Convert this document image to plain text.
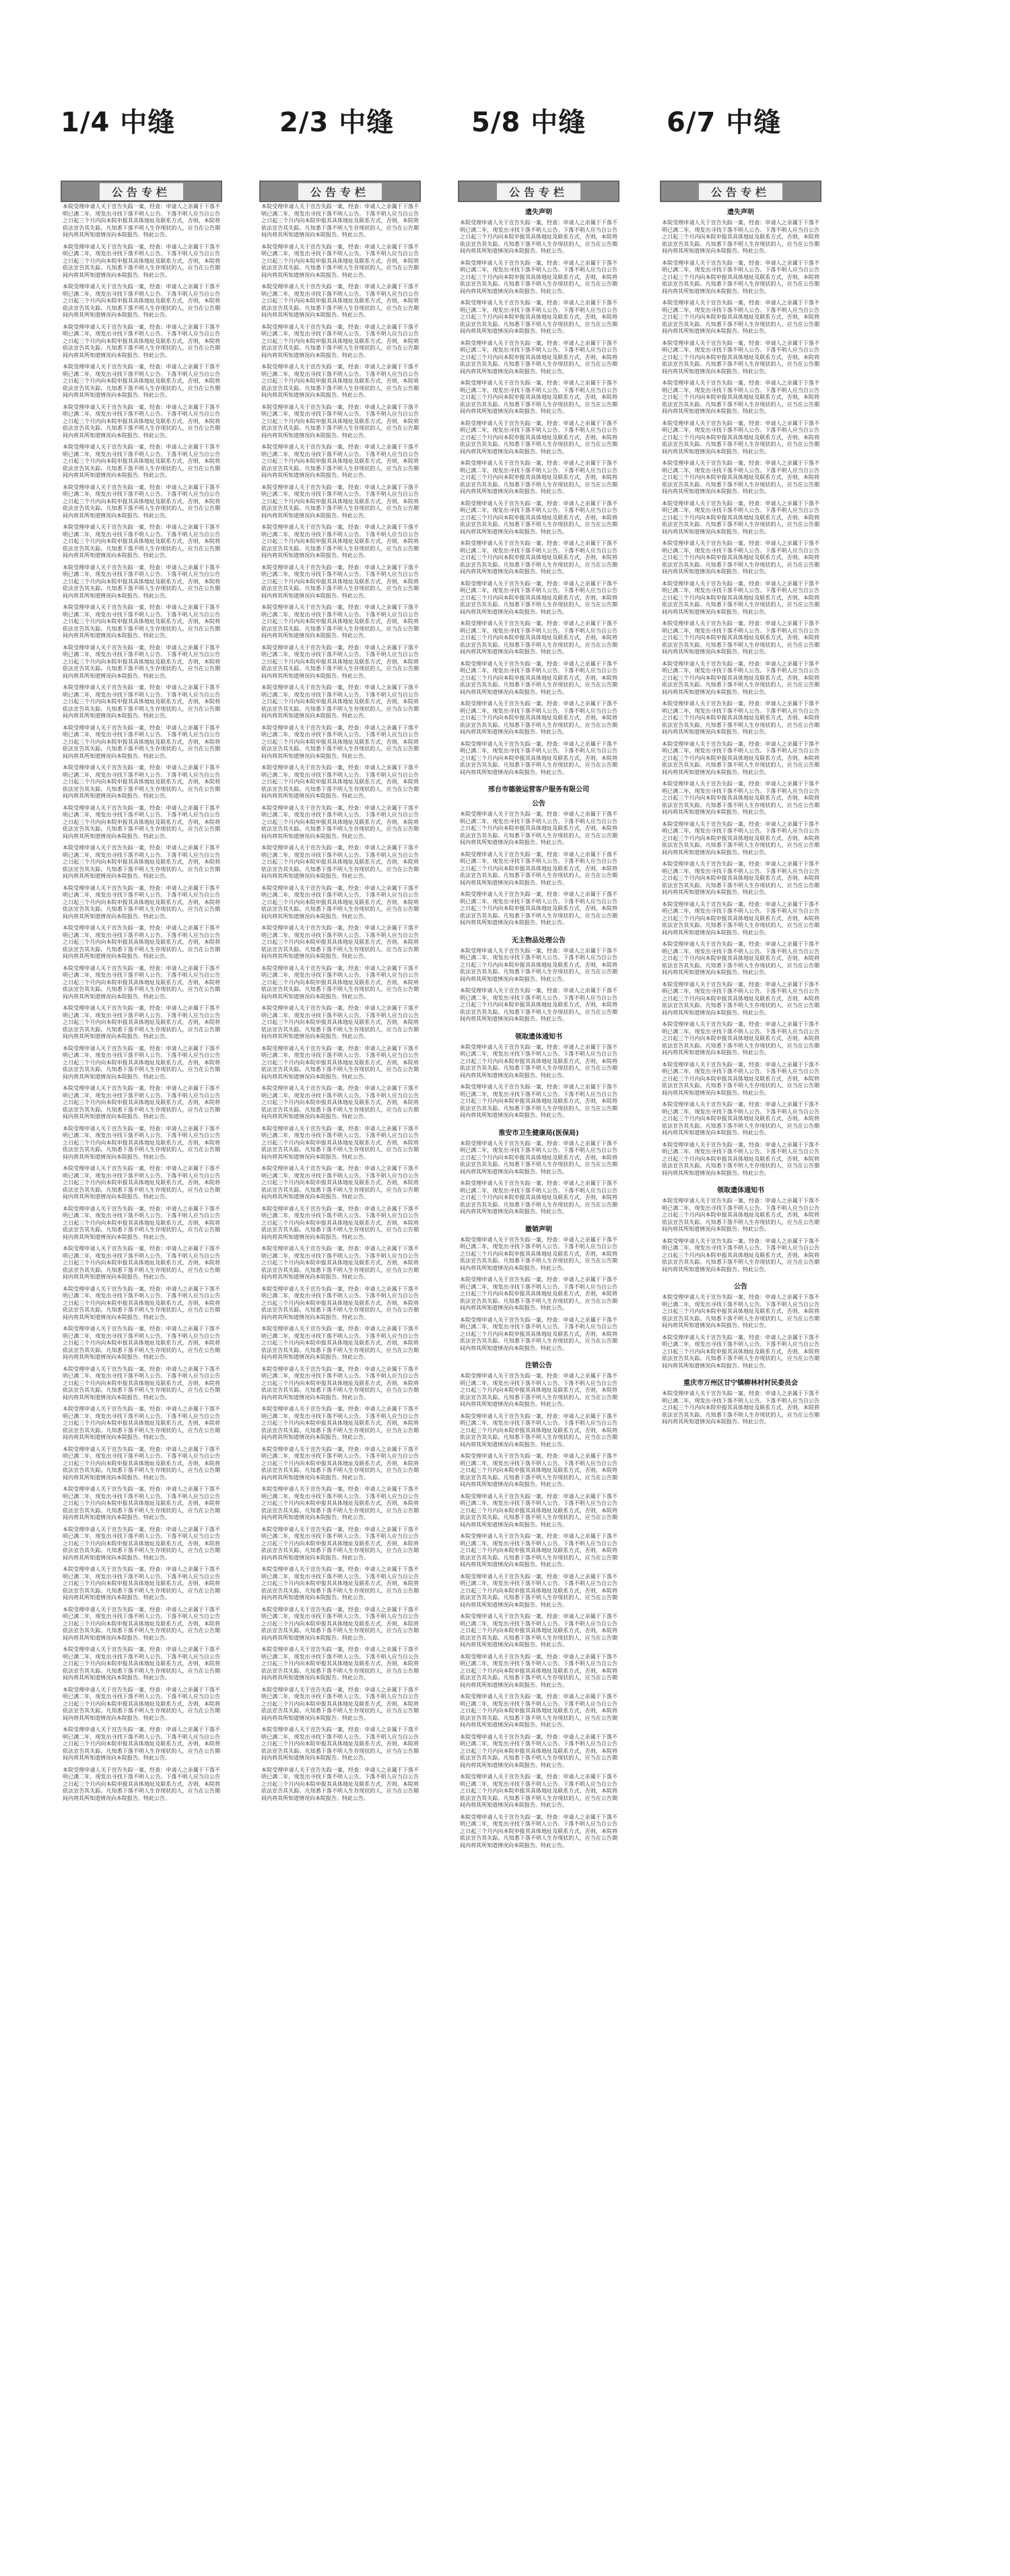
1/4 中缝	2/3 中缝	5/8 中缝	6/7 中缝
公告专栏
本院受理申请人关于宣告失踪一案，经查：申请人之亲属于下落不明已满二年，现发出寻找下落不明人公告。下落不明人应当自公告之日起三个月内向本院申报其具体地址及联系方式，否则，本院将依法宣告其失踪。凡知悉下落不明人生存现状的人，应当在公告期间内将其所知道情况向本院报告。特此公告。
本院受理申请人关于宣告失踪一案，经查：申请人之亲属于下落不明已满二年，现发出寻找下落不明人公告。下落不明人应当自公告之日起三个月内向本院申报其具体地址及联系方式，否则，本院将依法宣告其失踪。凡知悉下落不明人生存现状的人，应当在公告期间内将其所知道情况向本院报告。特此公告。
本院受理申请人关于宣告失踪一案，经查：申请人之亲属于下落不明已满二年，现发出寻找下落不明人公告。下落不明人应当自公告之日起三个月内向本院申报其具体地址及联系方式，否则，本院将依法宣告其失踪。凡知悉下落不明人生存现状的人，应当在公告期间内将其所知道情况向本院报告。特此公告。
本院受理申请人关于宣告失踪一案，经查：申请人之亲属于下落不明已满二年，现发出寻找下落不明人公告。下落不明人应当自公告之日起三个月内向本院申报其具体地址及联系方式，否则，本院将依法宣告其失踪。凡知悉下落不明人生存现状的人，应当在公告期间内将其所知道情况向本院报告。特此公告。
本院受理申请人关于宣告失踪一案，经查：申请人之亲属于下落不明已满二年，现发出寻找下落不明人公告。下落不明人应当自公告之日起三个月内向本院申报其具体地址及联系方式，否则，本院将依法宣告其失踪。凡知悉下落不明人生存现状的人，应当在公告期间内将其所知道情况向本院报告。特此公告。
本院受理申请人关于宣告失踪一案，经查：申请人之亲属于下落不明已满二年，现发出寻找下落不明人公告。下落不明人应当自公告之日起三个月内向本院申报其具体地址及联系方式，否则，本院将依法宣告其失踪。凡知悉下落不明人生存现状的人，应当在公告期间内将其所知道情况向本院报告。特此公告。
本院受理申请人关于宣告失踪一案，经查：申请人之亲属于下落不明已满二年，现发出寻找下落不明人公告。下落不明人应当自公告之日起三个月内向本院申报其具体地址及联系方式，否则，本院将依法宣告其失踪。凡知悉下落不明人生存现状的人，应当在公告期间内将其所知道情况向本院报告。特此公告。
本院受理申请人关于宣告失踪一案，经查：申请人之亲属于下落不明已满二年，现发出寻找下落不明人公告。下落不明人应当自公告之日起三个月内向本院申报其具体地址及联系方式，否则，本院将依法宣告其失踪。凡知悉下落不明人生存现状的人，应当在公告期间内将其所知道情况向本院报告。特此公告。
本院受理申请人关于宣告失踪一案，经查：申请人之亲属于下落不明已满二年，现发出寻找下落不明人公告。下落不明人应当自公告之日起三个月内向本院申报其具体地址及联系方式，否则，本院将依法宣告其失踪。凡知悉下落不明人生存现状的人，应当在公告期间内将其所知道情况向本院报告。特此公告。
本院受理申请人关于宣告失踪一案，经查：申请人之亲属于下落不明已满二年，现发出寻找下落不明人公告。下落不明人应当自公告之日起三个月内向本院申报其具体地址及联系方式，否则，本院将依法宣告其失踪。凡知悉下落不明人生存现状的人，应当在公告期间内将其所知道情况向本院报告。特此公告。
本院受理申请人关于宣告失踪一案，经查：申请人之亲属于下落不明已满二年，现发出寻找下落不明人公告。下落不明人应当自公告之日起三个月内向本院申报其具体地址及联系方式，否则，本院将依法宣告其失踪。凡知悉下落不明人生存现状的人，应当在公告期间内将其所知道情况向本院报告。特此公告。
本院受理申请人关于宣告失踪一案，经查：申请人之亲属于下落不明已满二年，现发出寻找下落不明人公告。下落不明人应当自公告之日起三个月内向本院申报其具体地址及联系方式，否则，本院将依法宣告其失踪。凡知悉下落不明人生存现状的人，应当在公告期间内将其所知道情况向本院报告。特此公告。
本院受理申请人关于宣告失踪一案，经查：申请人之亲属于下落不明已满二年，现发出寻找下落不明人公告。下落不明人应当自公告之日起三个月内向本院申报其具体地址及联系方式，否则，本院将依法宣告其失踪。凡知悉下落不明人生存现状的人，应当在公告期间内将其所知道情况向本院报告。特此公告。
本院受理申请人关于宣告失踪一案，经查：申请人之亲属于下落不明已满二年，现发出寻找下落不明人公告。下落不明人应当自公告之日起三个月内向本院申报其具体地址及联系方式，否则，本院将依法宣告其失踪。凡知悉下落不明人生存现状的人，应当在公告期间内将其所知道情况向本院报告。特此公告。
本院受理申请人关于宣告失踪一案，经查：申请人之亲属于下落不明已满二年，现发出寻找下落不明人公告。下落不明人应当自公告之日起三个月内向本院申报其具体地址及联系方式，否则，本院将依法宣告其失踪。凡知悉下落不明人生存现状的人，应当在公告期间内将其所知道情况向本院报告。特此公告。
本院受理申请人关于宣告失踪一案，经查：申请人之亲属于下落不明已满二年，现发出寻找下落不明人公告。下落不明人应当自公告之日起三个月内向本院申报其具体地址及联系方式，否则，本院将依法宣告其失踪。凡知悉下落不明人生存现状的人，应当在公告期间内将其所知道情况向本院报告。特此公告。
本院受理申请人关于宣告失踪一案，经查：申请人之亲属于下落不明已满二年，现发出寻找下落不明人公告。下落不明人应当自公告之日起三个月内向本院申报其具体地址及联系方式，否则，本院将依法宣告其失踪。凡知悉下落不明人生存现状的人，应当在公告期间内将其所知道情况向本院报告。特此公告。
本院受理申请人关于宣告失踪一案，经查：申请人之亲属于下落不明已满二年，现发出寻找下落不明人公告。下落不明人应当自公告之日起三个月内向本院申报其具体地址及联系方式，否则，本院将依法宣告其失踪。凡知悉下落不明人生存现状的人，应当在公告期间内将其所知道情况向本院报告。特此公告。
本院受理申请人关于宣告失踪一案，经查：申请人之亲属于下落不明已满二年，现发出寻找下落不明人公告。下落不明人应当自公告之日起三个月内向本院申报其具体地址及联系方式，否则，本院将依法宣告其失踪。凡知悉下落不明人生存现状的人，应当在公告期间内将其所知道情况向本院报告。特此公告。
本院受理申请人关于宣告失踪一案，经查：申请人之亲属于下落不明已满二年，现发出寻找下落不明人公告。下落不明人应当自公告之日起三个月内向本院申报其具体地址及联系方式，否则，本院将依法宣告其失踪。凡知悉下落不明人生存现状的人，应当在公告期间内将其所知道情况向本院报告。特此公告。
本院受理申请人关于宣告失踪一案，经查：申请人之亲属于下落不明已满二年，现发出寻找下落不明人公告。下落不明人应当自公告之日起三个月内向本院申报其具体地址及联系方式，否则，本院将依法宣告其失踪。凡知悉下落不明人生存现状的人，应当在公告期间内将其所知道情况向本院报告。特此公告。
本院受理申请人关于宣告失踪一案，经查：申请人之亲属于下落不明已满二年，现发出寻找下落不明人公告。下落不明人应当自公告之日起三个月内向本院申报其具体地址及联系方式，否则，本院将依法宣告其失踪。凡知悉下落不明人生存现状的人，应当在公告期间内将其所知道情况向本院报告。特此公告。
本院受理申请人关于宣告失踪一案，经查：申请人之亲属于下落不明已满二年，现发出寻找下落不明人公告。下落不明人应当自公告之日起三个月内向本院申报其具体地址及联系方式，否则，本院将依法宣告其失踪。凡知悉下落不明人生存现状的人，应当在公告期间内将其所知道情况向本院报告。特此公告。
本院受理申请人关于宣告失踪一案，经查：申请人之亲属于下落不明已满二年，现发出寻找下落不明人公告。下落不明人应当自公告之日起三个月内向本院申报其具体地址及联系方式，否则，本院将依法宣告其失踪。凡知悉下落不明人生存现状的人，应当在公告期间内将其所知道情况向本院报告。特此公告。
本院受理申请人关于宣告失踪一案，经查：申请人之亲属于下落不明已满二年，现发出寻找下落不明人公告。下落不明人应当自公告之日起三个月内向本院申报其具体地址及联系方式，否则，本院将依法宣告其失踪。凡知悉下落不明人生存现状的人，应当在公告期间内将其所知道情况向本院报告。特此公告。
本院受理申请人关于宣告失踪一案，经查：申请人之亲属于下落不明已满二年，现发出寻找下落不明人公告。下落不明人应当自公告之日起三个月内向本院申报其具体地址及联系方式，否则，本院将依法宣告其失踪。凡知悉下落不明人生存现状的人，应当在公告期间内将其所知道情况向本院报告。特此公告。
本院受理申请人关于宣告失踪一案，经查：申请人之亲属于下落不明已满二年，现发出寻找下落不明人公告。下落不明人应当自公告之日起三个月内向本院申报其具体地址及联系方式，否则，本院将依法宣告其失踪。凡知悉下落不明人生存现状的人，应当在公告期间内将其所知道情况向本院报告。特此公告。
本院受理申请人关于宣告失踪一案，经查：申请人之亲属于下落不明已满二年，现发出寻找下落不明人公告。下落不明人应当自公告之日起三个月内向本院申报其具体地址及联系方式，否则，本院将依法宣告其失踪。凡知悉下落不明人生存现状的人，应当在公告期间内将其所知道情况向本院报告。特此公告。
本院受理申请人关于宣告失踪一案，经查：申请人之亲属于下落不明已满二年，现发出寻找下落不明人公告。下落不明人应当自公告之日起三个月内向本院申报其具体地址及联系方式，否则，本院将依法宣告其失踪。凡知悉下落不明人生存现状的人，应当在公告期间内将其所知道情况向本院报告。特此公告。
本院受理申请人关于宣告失踪一案，经查：申请人之亲属于下落不明已满二年，现发出寻找下落不明人公告。下落不明人应当自公告之日起三个月内向本院申报其具体地址及联系方式，否则，本院将依法宣告其失踪。凡知悉下落不明人生存现状的人，应当在公告期间内将其所知道情况向本院报告。特此公告。
本院受理申请人关于宣告失踪一案，经查：申请人之亲属于下落不明已满二年，现发出寻找下落不明人公告。下落不明人应当自公告之日起三个月内向本院申报其具体地址及联系方式，否则，本院将依法宣告其失踪。凡知悉下落不明人生存现状的人，应当在公告期间内将其所知道情况向本院报告。特此公告。
本院受理申请人关于宣告失踪一案，经查：申请人之亲属于下落不明已满二年，现发出寻找下落不明人公告。下落不明人应当自公告之日起三个月内向本院申报其具体地址及联系方式，否则，本院将依法宣告其失踪。凡知悉下落不明人生存现状的人，应当在公告期间内将其所知道情况向本院报告。特此公告。
本院受理申请人关于宣告失踪一案，经查：申请人之亲属于下落不明已满二年，现发出寻找下落不明人公告。下落不明人应当自公告之日起三个月内向本院申报其具体地址及联系方式，否则，本院将依法宣告其失踪。凡知悉下落不明人生存现状的人，应当在公告期间内将其所知道情况向本院报告。特此公告。
本院受理申请人关于宣告失踪一案，经查：申请人之亲属于下落不明已满二年，现发出寻找下落不明人公告。下落不明人应当自公告之日起三个月内向本院申报其具体地址及联系方式，否则，本院将依法宣告其失踪。凡知悉下落不明人生存现状的人，应当在公告期间内将其所知道情况向本院报告。特此公告。
本院受理申请人关于宣告失踪一案，经查：申请人之亲属于下落不明已满二年，现发出寻找下落不明人公告。下落不明人应当自公告之日起三个月内向本院申报其具体地址及联系方式，否则，本院将依法宣告其失踪。凡知悉下落不明人生存现状的人，应当在公告期间内将其所知道情况向本院报告。特此公告。
本院受理申请人关于宣告失踪一案，经查：申请人之亲属于下落不明已满二年，现发出寻找下落不明人公告。下落不明人应当自公告之日起三个月内向本院申报其具体地址及联系方式，否则，本院将依法宣告其失踪。凡知悉下落不明人生存现状的人，应当在公告期间内将其所知道情况向本院报告。特此公告。
本院受理申请人关于宣告失踪一案，经查：申请人之亲属于下落不明已满二年，现发出寻找下落不明人公告。下落不明人应当自公告之日起三个月内向本院申报其具体地址及联系方式，否则，本院将依法宣告其失踪。凡知悉下落不明人生存现状的人，应当在公告期间内将其所知道情况向本院报告。特此公告。
本院受理申请人关于宣告失踪一案，经查：申请人之亲属于下落不明已满二年，现发出寻找下落不明人公告。下落不明人应当自公告之日起三个月内向本院申报其具体地址及联系方式，否则，本院将依法宣告其失踪。凡知悉下落不明人生存现状的人，应当在公告期间内将其所知道情况向本院报告。特此公告。
本院受理申请人关于宣告失踪一案，经查：申请人之亲属于下落不明已满二年，现发出寻找下落不明人公告。下落不明人应当自公告之日起三个月内向本院申报其具体地址及联系方式，否则，本院将依法宣告其失踪。凡知悉下落不明人生存现状的人，应当在公告期间内将其所知道情况向本院报告。特此公告。
本院受理申请人关于宣告失踪一案，经查：申请人之亲属于下落不明已满二年，现发出寻找下落不明人公告。下落不明人应当自公告之日起三个月内向本院申报其具体地址及联系方式，否则，本院将依法宣告其失踪。凡知悉下落不明人生存现状的人，应当在公告期间内将其所知道情况向本院报告。特此公告。
公告专栏
本院受理申请人关于宣告失踪一案，经查：申请人之亲属于下落不明已满二年，现发出寻找下落不明人公告。下落不明人应当自公告之日起三个月内向本院申报其具体地址及联系方式，否则，本院将依法宣告其失踪。凡知悉下落不明人生存现状的人，应当在公告期间内将其所知道情况向本院报告。特此公告。
本院受理申请人关于宣告失踪一案，经查：申请人之亲属于下落不明已满二年，现发出寻找下落不明人公告。下落不明人应当自公告之日起三个月内向本院申报其具体地址及联系方式，否则，本院将依法宣告其失踪。凡知悉下落不明人生存现状的人，应当在公告期间内将其所知道情况向本院报告。特此公告。
本院受理申请人关于宣告失踪一案，经查：申请人之亲属于下落不明已满二年，现发出寻找下落不明人公告。下落不明人应当自公告之日起三个月内向本院申报其具体地址及联系方式，否则，本院将依法宣告其失踪。凡知悉下落不明人生存现状的人，应当在公告期间内将其所知道情况向本院报告。特此公告。
本院受理申请人关于宣告失踪一案，经查：申请人之亲属于下落不明已满二年，现发出寻找下落不明人公告。下落不明人应当自公告之日起三个月内向本院申报其具体地址及联系方式，否则，本院将依法宣告其失踪。凡知悉下落不明人生存现状的人，应当在公告期间内将其所知道情况向本院报告。特此公告。
本院受理申请人关于宣告失踪一案，经查：申请人之亲属于下落不明已满二年，现发出寻找下落不明人公告。下落不明人应当自公告之日起三个月内向本院申报其具体地址及联系方式，否则，本院将依法宣告其失踪。凡知悉下落不明人生存现状的人，应当在公告期间内将其所知道情况向本院报告。特此公告。
本院受理申请人关于宣告失踪一案，经查：申请人之亲属于下落不明已满二年，现发出寻找下落不明人公告。下落不明人应当自公告之日起三个月内向本院申报其具体地址及联系方式，否则，本院将依法宣告其失踪。凡知悉下落不明人生存现状的人，应当在公告期间内将其所知道情况向本院报告。特此公告。
本院受理申请人关于宣告失踪一案，经查：申请人之亲属于下落不明已满二年，现发出寻找下落不明人公告。下落不明人应当自公告之日起三个月内向本院申报其具体地址及联系方式，否则，本院将依法宣告其失踪。凡知悉下落不明人生存现状的人，应当在公告期间内将其所知道情况向本院报告。特此公告。
本院受理申请人关于宣告失踪一案，经查：申请人之亲属于下落不明已满二年，现发出寻找下落不明人公告。下落不明人应当自公告之日起三个月内向本院申报其具体地址及联系方式，否则，本院将依法宣告其失踪。凡知悉下落不明人生存现状的人，应当在公告期间内将其所知道情况向本院报告。特此公告。
本院受理申请人关于宣告失踪一案，经查：申请人之亲属于下落不明已满二年，现发出寻找下落不明人公告。下落不明人应当自公告之日起三个月内向本院申报其具体地址及联系方式，否则，本院将依法宣告其失踪。凡知悉下落不明人生存现状的人，应当在公告期间内将其所知道情况向本院报告。特此公告。
本院受理申请人关于宣告失踪一案，经查：申请人之亲属于下落不明已满二年，现发出寻找下落不明人公告。下落不明人应当自公告之日起三个月内向本院申报其具体地址及联系方式，否则，本院将依法宣告其失踪。凡知悉下落不明人生存现状的人，应当在公告期间内将其所知道情况向本院报告。特此公告。
本院受理申请人关于宣告失踪一案，经查：申请人之亲属于下落不明已满二年，现发出寻找下落不明人公告。下落不明人应当自公告之日起三个月内向本院申报其具体地址及联系方式，否则，本院将依法宣告其失踪。凡知悉下落不明人生存现状的人，应当在公告期间内将其所知道情况向本院报告。特此公告。
本院受理申请人关于宣告失踪一案，经查：申请人之亲属于下落不明已满二年，现发出寻找下落不明人公告。下落不明人应当自公告之日起三个月内向本院申报其具体地址及联系方式，否则，本院将依法宣告其失踪。凡知悉下落不明人生存现状的人，应当在公告期间内将其所知道情况向本院报告。特此公告。
本院受理申请人关于宣告失踪一案，经查：申请人之亲属于下落不明已满二年，现发出寻找下落不明人公告。下落不明人应当自公告之日起三个月内向本院申报其具体地址及联系方式，否则，本院将依法宣告其失踪。凡知悉下落不明人生存现状的人，应当在公告期间内将其所知道情况向本院报告。特此公告。
本院受理申请人关于宣告失踪一案，经查：申请人之亲属于下落不明已满二年，现发出寻找下落不明人公告。下落不明人应当自公告之日起三个月内向本院申报其具体地址及联系方式，否则，本院将依法宣告其失踪。凡知悉下落不明人生存现状的人，应当在公告期间内将其所知道情况向本院报告。特此公告。
本院受理申请人关于宣告失踪一案，经查：申请人之亲属于下落不明已满二年，现发出寻找下落不明人公告。下落不明人应当自公告之日起三个月内向本院申报其具体地址及联系方式，否则，本院将依法宣告其失踪。凡知悉下落不明人生存现状的人，应当在公告期间内将其所知道情况向本院报告。特此公告。
本院受理申请人关于宣告失踪一案，经查：申请人之亲属于下落不明已满二年，现发出寻找下落不明人公告。下落不明人应当自公告之日起三个月内向本院申报其具体地址及联系方式，否则，本院将依法宣告其失踪。凡知悉下落不明人生存现状的人，应当在公告期间内将其所知道情况向本院报告。特此公告。
本院受理申请人关于宣告失踪一案，经查：申请人之亲属于下落不明已满二年，现发出寻找下落不明人公告。下落不明人应当自公告之日起三个月内向本院申报其具体地址及联系方式，否则，本院将依法宣告其失踪。凡知悉下落不明人生存现状的人，应当在公告期间内将其所知道情况向本院报告。特此公告。
本院受理申请人关于宣告失踪一案，经查：申请人之亲属于下落不明已满二年，现发出寻找下落不明人公告。下落不明人应当自公告之日起三个月内向本院申报其具体地址及联系方式，否则，本院将依法宣告其失踪。凡知悉下落不明人生存现状的人，应当在公告期间内将其所知道情况向本院报告。特此公告。
本院受理申请人关于宣告失踪一案，经查：申请人之亲属于下落不明已满二年，现发出寻找下落不明人公告。下落不明人应当自公告之日起三个月内向本院申报其具体地址及联系方式，否则，本院将依法宣告其失踪。凡知悉下落不明人生存现状的人，应当在公告期间内将其所知道情况向本院报告。特此公告。
本院受理申请人关于宣告失踪一案，经查：申请人之亲属于下落不明已满二年，现发出寻找下落不明人公告。下落不明人应当自公告之日起三个月内向本院申报其具体地址及联系方式，否则，本院将依法宣告其失踪。凡知悉下落不明人生存现状的人，应当在公告期间内将其所知道情况向本院报告。特此公告。
本院受理申请人关于宣告失踪一案，经查：申请人之亲属于下落不明已满二年，现发出寻找下落不明人公告。下落不明人应当自公告之日起三个月内向本院申报其具体地址及联系方式，否则，本院将依法宣告其失踪。凡知悉下落不明人生存现状的人，应当在公告期间内将其所知道情况向本院报告。特此公告。
本院受理申请人关于宣告失踪一案，经查：申请人之亲属于下落不明已满二年，现发出寻找下落不明人公告。下落不明人应当自公告之日起三个月内向本院申报其具体地址及联系方式，否则，本院将依法宣告其失踪。凡知悉下落不明人生存现状的人，应当在公告期间内将其所知道情况向本院报告。特此公告。
本院受理申请人关于宣告失踪一案，经查：申请人之亲属于下落不明已满二年，现发出寻找下落不明人公告。下落不明人应当自公告之日起三个月内向本院申报其具体地址及联系方式，否则，本院将依法宣告其失踪。凡知悉下落不明人生存现状的人，应当在公告期间内将其所知道情况向本院报告。特此公告。
本院受理申请人关于宣告失踪一案，经查：申请人之亲属于下落不明已满二年，现发出寻找下落不明人公告。下落不明人应当自公告之日起三个月内向本院申报其具体地址及联系方式，否则，本院将依法宣告其失踪。凡知悉下落不明人生存现状的人，应当在公告期间内将其所知道情况向本院报告。特此公告。
本院受理申请人关于宣告失踪一案，经查：申请人之亲属于下落不明已满二年，现发出寻找下落不明人公告。下落不明人应当自公告之日起三个月内向本院申报其具体地址及联系方式，否则，本院将依法宣告其失踪。凡知悉下落不明人生存现状的人，应当在公告期间内将其所知道情况向本院报告。特此公告。
本院受理申请人关于宣告失踪一案，经查：申请人之亲属于下落不明已满二年，现发出寻找下落不明人公告。下落不明人应当自公告之日起三个月内向本院申报其具体地址及联系方式，否则，本院将依法宣告其失踪。凡知悉下落不明人生存现状的人，应当在公告期间内将其所知道情况向本院报告。特此公告。
本院受理申请人关于宣告失踪一案，经查：申请人之亲属于下落不明已满二年，现发出寻找下落不明人公告。下落不明人应当自公告之日起三个月内向本院申报其具体地址及联系方式，否则，本院将依法宣告其失踪。凡知悉下落不明人生存现状的人，应当在公告期间内将其所知道情况向本院报告。特此公告。
本院受理申请人关于宣告失踪一案，经查：申请人之亲属于下落不明已满二年，现发出寻找下落不明人公告。下落不明人应当自公告之日起三个月内向本院申报其具体地址及联系方式，否则，本院将依法宣告其失踪。凡知悉下落不明人生存现状的人，应当在公告期间内将其所知道情况向本院报告。特此公告。
本院受理申请人关于宣告失踪一案，经查：申请人之亲属于下落不明已满二年，现发出寻找下落不明人公告。下落不明人应当自公告之日起三个月内向本院申报其具体地址及联系方式，否则，本院将依法宣告其失踪。凡知悉下落不明人生存现状的人，应当在公告期间内将其所知道情况向本院报告。特此公告。
本院受理申请人关于宣告失踪一案，经查：申请人之亲属于下落不明已满二年，现发出寻找下落不明人公告。下落不明人应当自公告之日起三个月内向本院申报其具体地址及联系方式，否则，本院将依法宣告其失踪。凡知悉下落不明人生存现状的人，应当在公告期间内将其所知道情况向本院报告。特此公告。
本院受理申请人关于宣告失踪一案，经查：申请人之亲属于下落不明已满二年，现发出寻找下落不明人公告。下落不明人应当自公告之日起三个月内向本院申报其具体地址及联系方式，否则，本院将依法宣告其失踪。凡知悉下落不明人生存现状的人，应当在公告期间内将其所知道情况向本院报告。特此公告。
本院受理申请人关于宣告失踪一案，经查：申请人之亲属于下落不明已满二年，现发出寻找下落不明人公告。下落不明人应当自公告之日起三个月内向本院申报其具体地址及联系方式，否则，本院将依法宣告其失踪。凡知悉下落不明人生存现状的人，应当在公告期间内将其所知道情况向本院报告。特此公告。
本院受理申请人关于宣告失踪一案，经查：申请人之亲属于下落不明已满二年，现发出寻找下落不明人公告。下落不明人应当自公告之日起三个月内向本院申报其具体地址及联系方式，否则，本院将依法宣告其失踪。凡知悉下落不明人生存现状的人，应当在公告期间内将其所知道情况向本院报告。特此公告。
本院受理申请人关于宣告失踪一案，经查：申请人之亲属于下落不明已满二年，现发出寻找下落不明人公告。下落不明人应当自公告之日起三个月内向本院申报其具体地址及联系方式，否则，本院将依法宣告其失踪。凡知悉下落不明人生存现状的人，应当在公告期间内将其所知道情况向本院报告。特此公告。
本院受理申请人关于宣告失踪一案，经查：申请人之亲属于下落不明已满二年，现发出寻找下落不明人公告。下落不明人应当自公告之日起三个月内向本院申报其具体地址及联系方式，否则，本院将依法宣告其失踪。凡知悉下落不明人生存现状的人，应当在公告期间内将其所知道情况向本院报告。特此公告。
本院受理申请人关于宣告失踪一案，经查：申请人之亲属于下落不明已满二年，现发出寻找下落不明人公告。下落不明人应当自公告之日起三个月内向本院申报其具体地址及联系方式，否则，本院将依法宣告其失踪。凡知悉下落不明人生存现状的人，应当在公告期间内将其所知道情况向本院报告。特此公告。
本院受理申请人关于宣告失踪一案，经查：申请人之亲属于下落不明已满二年，现发出寻找下落不明人公告。下落不明人应当自公告之日起三个月内向本院申报其具体地址及联系方式，否则，本院将依法宣告其失踪。凡知悉下落不明人生存现状的人，应当在公告期间内将其所知道情况向本院报告。特此公告。
本院受理申请人关于宣告失踪一案，经查：申请人之亲属于下落不明已满二年，现发出寻找下落不明人公告。下落不明人应当自公告之日起三个月内向本院申报其具体地址及联系方式，否则，本院将依法宣告其失踪。凡知悉下落不明人生存现状的人，应当在公告期间内将其所知道情况向本院报告。特此公告。
本院受理申请人关于宣告失踪一案，经查：申请人之亲属于下落不明已满二年，现发出寻找下落不明人公告。下落不明人应当自公告之日起三个月内向本院申报其具体地址及联系方式，否则，本院将依法宣告其失踪。凡知悉下落不明人生存现状的人，应当在公告期间内将其所知道情况向本院报告。特此公告。
本院受理申请人关于宣告失踪一案，经查：申请人之亲属于下落不明已满二年，现发出寻找下落不明人公告。下落不明人应当自公告之日起三个月内向本院申报其具体地址及联系方式，否则，本院将依法宣告其失踪。凡知悉下落不明人生存现状的人，应当在公告期间内将其所知道情况向本院报告。特此公告。
公告专栏
遗失声明
本院受理申请人关于宣告失踪一案，经查：申请人之亲属于下落不明已满二年，现发出寻找下落不明人公告。下落不明人应当自公告之日起三个月内向本院申报其具体地址及联系方式，否则，本院将依法宣告其失踪。凡知悉下落不明人生存现状的人，应当在公告期间内将其所知道情况向本院报告。特此公告。
本院受理申请人关于宣告失踪一案，经查：申请人之亲属于下落不明已满二年，现发出寻找下落不明人公告。下落不明人应当自公告之日起三个月内向本院申报其具体地址及联系方式，否则，本院将依法宣告其失踪。凡知悉下落不明人生存现状的人，应当在公告期间内将其所知道情况向本院报告。特此公告。
本院受理申请人关于宣告失踪一案，经查：申请人之亲属于下落不明已满二年，现发出寻找下落不明人公告。下落不明人应当自公告之日起三个月内向本院申报其具体地址及联系方式，否则，本院将依法宣告其失踪。凡知悉下落不明人生存现状的人，应当在公告期间内将其所知道情况向本院报告。特此公告。
本院受理申请人关于宣告失踪一案，经查：申请人之亲属于下落不明已满二年，现发出寻找下落不明人公告。下落不明人应当自公告之日起三个月内向本院申报其具体地址及联系方式，否则，本院将依法宣告其失踪。凡知悉下落不明人生存现状的人，应当在公告期间内将其所知道情况向本院报告。特此公告。
本院受理申请人关于宣告失踪一案，经查：申请人之亲属于下落不明已满二年，现发出寻找下落不明人公告。下落不明人应当自公告之日起三个月内向本院申报其具体地址及联系方式，否则，本院将依法宣告其失踪。凡知悉下落不明人生存现状的人，应当在公告期间内将其所知道情况向本院报告。特此公告。
本院受理申请人关于宣告失踪一案，经查：申请人之亲属于下落不明已满二年，现发出寻找下落不明人公告。下落不明人应当自公告之日起三个月内向本院申报其具体地址及联系方式，否则，本院将依法宣告其失踪。凡知悉下落不明人生存现状的人，应当在公告期间内将其所知道情况向本院报告。特此公告。
本院受理申请人关于宣告失踪一案，经查：申请人之亲属于下落不明已满二年，现发出寻找下落不明人公告。下落不明人应当自公告之日起三个月内向本院申报其具体地址及联系方式，否则，本院将依法宣告其失踪。凡知悉下落不明人生存现状的人，应当在公告期间内将其所知道情况向本院报告。特此公告。
本院受理申请人关于宣告失踪一案，经查：申请人之亲属于下落不明已满二年，现发出寻找下落不明人公告。下落不明人应当自公告之日起三个月内向本院申报其具体地址及联系方式，否则，本院将依法宣告其失踪。凡知悉下落不明人生存现状的人，应当在公告期间内将其所知道情况向本院报告。特此公告。
本院受理申请人关于宣告失踪一案，经查：申请人之亲属于下落不明已满二年，现发出寻找下落不明人公告。下落不明人应当自公告之日起三个月内向本院申报其具体地址及联系方式，否则，本院将依法宣告其失踪。凡知悉下落不明人生存现状的人，应当在公告期间内将其所知道情况向本院报告。特此公告。
本院受理申请人关于宣告失踪一案，经查：申请人之亲属于下落不明已满二年，现发出寻找下落不明人公告。下落不明人应当自公告之日起三个月内向本院申报其具体地址及联系方式，否则，本院将依法宣告其失踪。凡知悉下落不明人生存现状的人，应当在公告期间内将其所知道情况向本院报告。特此公告。
本院受理申请人关于宣告失踪一案，经查：申请人之亲属于下落不明已满二年，现发出寻找下落不明人公告。下落不明人应当自公告之日起三个月内向本院申报其具体地址及联系方式，否则，本院将依法宣告其失踪。凡知悉下落不明人生存现状的人，应当在公告期间内将其所知道情况向本院报告。特此公告。
本院受理申请人关于宣告失踪一案，经查：申请人之亲属于下落不明已满二年，现发出寻找下落不明人公告。下落不明人应当自公告之日起三个月内向本院申报其具体地址及联系方式，否则，本院将依法宣告其失踪。凡知悉下落不明人生存现状的人，应当在公告期间内将其所知道情况向本院报告。特此公告。
本院受理申请人关于宣告失踪一案，经查：申请人之亲属于下落不明已满二年，现发出寻找下落不明人公告。下落不明人应当自公告之日起三个月内向本院申报其具体地址及联系方式，否则，本院将依法宣告其失踪。凡知悉下落不明人生存现状的人，应当在公告期间内将其所知道情况向本院报告。特此公告。
本院受理申请人关于宣告失踪一案，经查：申请人之亲属于下落不明已满二年，现发出寻找下落不明人公告。下落不明人应当自公告之日起三个月内向本院申报其具体地址及联系方式，否则，本院将依法宣告其失踪。凡知悉下落不明人生存现状的人，应当在公告期间内将其所知道情况向本院报告。特此公告。
邢台市德骏运营客户服务有限公司
公告
本院受理申请人关于宣告失踪一案，经查：申请人之亲属于下落不明已满二年，现发出寻找下落不明人公告。下落不明人应当自公告之日起三个月内向本院申报其具体地址及联系方式，否则，本院将依法宣告其失踪。凡知悉下落不明人生存现状的人，应当在公告期间内将其所知道情况向本院报告。特此公告。
本院受理申请人关于宣告失踪一案，经查：申请人之亲属于下落不明已满二年，现发出寻找下落不明人公告。下落不明人应当自公告之日起三个月内向本院申报其具体地址及联系方式，否则，本院将依法宣告其失踪。凡知悉下落不明人生存现状的人，应当在公告期间内将其所知道情况向本院报告。特此公告。
本院受理申请人关于宣告失踪一案，经查：申请人之亲属于下落不明已满二年，现发出寻找下落不明人公告。下落不明人应当自公告之日起三个月内向本院申报其具体地址及联系方式，否则，本院将依法宣告其失踪。凡知悉下落不明人生存现状的人，应当在公告期间内将其所知道情况向本院报告。特此公告。
无主物品处理公告
本院受理申请人关于宣告失踪一案，经查：申请人之亲属于下落不明已满二年，现发出寻找下落不明人公告。下落不明人应当自公告之日起三个月内向本院申报其具体地址及联系方式，否则，本院将依法宣告其失踪。凡知悉下落不明人生存现状的人，应当在公告期间内将其所知道情况向本院报告。特此公告。
本院受理申请人关于宣告失踪一案，经查：申请人之亲属于下落不明已满二年，现发出寻找下落不明人公告。下落不明人应当自公告之日起三个月内向本院申报其具体地址及联系方式，否则，本院将依法宣告其失踪。凡知悉下落不明人生存现状的人，应当在公告期间内将其所知道情况向本院报告。特此公告。
领取遗体通知书
本院受理申请人关于宣告失踪一案，经查：申请人之亲属于下落不明已满二年，现发出寻找下落不明人公告。下落不明人应当自公告之日起三个月内向本院申报其具体地址及联系方式，否则，本院将依法宣告其失踪。凡知悉下落不明人生存现状的人，应当在公告期间内将其所知道情况向本院报告。特此公告。
本院受理申请人关于宣告失踪一案，经查：申请人之亲属于下落不明已满二年，现发出寻找下落不明人公告。下落不明人应当自公告之日起三个月内向本院申报其具体地址及联系方式，否则，本院将依法宣告其失踪。凡知悉下落不明人生存现状的人，应当在公告期间内将其所知道情况向本院报告。特此公告。
淮安市卫生健康局(医保局)
本院受理申请人关于宣告失踪一案，经查：申请人之亲属于下落不明已满二年，现发出寻找下落不明人公告。下落不明人应当自公告之日起三个月内向本院申报其具体地址及联系方式，否则，本院将依法宣告其失踪。凡知悉下落不明人生存现状的人，应当在公告期间内将其所知道情况向本院报告。特此公告。
本院受理申请人关于宣告失踪一案，经查：申请人之亲属于下落不明已满二年，现发出寻找下落不明人公告。下落不明人应当自公告之日起三个月内向本院申报其具体地址及联系方式，否则，本院将依法宣告其失踪。凡知悉下落不明人生存现状的人，应当在公告期间内将其所知道情况向本院报告。特此公告。
撤销声明
本院受理申请人关于宣告失踪一案，经查：申请人之亲属于下落不明已满二年，现发出寻找下落不明人公告。下落不明人应当自公告之日起三个月内向本院申报其具体地址及联系方式，否则，本院将依法宣告其失踪。凡知悉下落不明人生存现状的人，应当在公告期间内将其所知道情况向本院报告。特此公告。
本院受理申请人关于宣告失踪一案，经查：申请人之亲属于下落不明已满二年，现发出寻找下落不明人公告。下落不明人应当自公告之日起三个月内向本院申报其具体地址及联系方式，否则，本院将依法宣告其失踪。凡知悉下落不明人生存现状的人，应当在公告期间内将其所知道情况向本院报告。特此公告。
本院受理申请人关于宣告失踪一案，经查：申请人之亲属于下落不明已满二年，现发出寻找下落不明人公告。下落不明人应当自公告之日起三个月内向本院申报其具体地址及联系方式，否则，本院将依法宣告其失踪。凡知悉下落不明人生存现状的人，应当在公告期间内将其所知道情况向本院报告。特此公告。
注销公告
本院受理申请人关于宣告失踪一案，经查：申请人之亲属于下落不明已满二年，现发出寻找下落不明人公告。下落不明人应当自公告之日起三个月内向本院申报其具体地址及联系方式，否则，本院将依法宣告其失踪。凡知悉下落不明人生存现状的人，应当在公告期间内将其所知道情况向本院报告。特此公告。
本院受理申请人关于宣告失踪一案，经查：申请人之亲属于下落不明已满二年，现发出寻找下落不明人公告。下落不明人应当自公告之日起三个月内向本院申报其具体地址及联系方式，否则，本院将依法宣告其失踪。凡知悉下落不明人生存现状的人，应当在公告期间内将其所知道情况向本院报告。特此公告。
本院受理申请人关于宣告失踪一案，经查：申请人之亲属于下落不明已满二年，现发出寻找下落不明人公告。下落不明人应当自公告之日起三个月内向本院申报其具体地址及联系方式，否则，本院将依法宣告其失踪。凡知悉下落不明人生存现状的人，应当在公告期间内将其所知道情况向本院报告。特此公告。
本院受理申请人关于宣告失踪一案，经查：申请人之亲属于下落不明已满二年，现发出寻找下落不明人公告。下落不明人应当自公告之日起三个月内向本院申报其具体地址及联系方式，否则，本院将依法宣告其失踪。凡知悉下落不明人生存现状的人，应当在公告期间内将其所知道情况向本院报告。特此公告。
本院受理申请人关于宣告失踪一案，经查：申请人之亲属于下落不明已满二年，现发出寻找下落不明人公告。下落不明人应当自公告之日起三个月内向本院申报其具体地址及联系方式，否则，本院将依法宣告其失踪。凡知悉下落不明人生存现状的人，应当在公告期间内将其所知道情况向本院报告。特此公告。
本院受理申请人关于宣告失踪一案，经查：申请人之亲属于下落不明已满二年，现发出寻找下落不明人公告。下落不明人应当自公告之日起三个月内向本院申报其具体地址及联系方式，否则，本院将依法宣告其失踪。凡知悉下落不明人生存现状的人，应当在公告期间内将其所知道情况向本院报告。特此公告。
本院受理申请人关于宣告失踪一案，经查：申请人之亲属于下落不明已满二年，现发出寻找下落不明人公告。下落不明人应当自公告之日起三个月内向本院申报其具体地址及联系方式，否则，本院将依法宣告其失踪。凡知悉下落不明人生存现状的人，应当在公告期间内将其所知道情况向本院报告。特此公告。
本院受理申请人关于宣告失踪一案，经查：申请人之亲属于下落不明已满二年，现发出寻找下落不明人公告。下落不明人应当自公告之日起三个月内向本院申报其具体地址及联系方式，否则，本院将依法宣告其失踪。凡知悉下落不明人生存现状的人，应当在公告期间内将其所知道情况向本院报告。特此公告。
本院受理申请人关于宣告失踪一案，经查：申请人之亲属于下落不明已满二年，现发出寻找下落不明人公告。下落不明人应当自公告之日起三个月内向本院申报其具体地址及联系方式，否则，本院将依法宣告其失踪。凡知悉下落不明人生存现状的人，应当在公告期间内将其所知道情况向本院报告。特此公告。
本院受理申请人关于宣告失踪一案，经查：申请人之亲属于下落不明已满二年，现发出寻找下落不明人公告。下落不明人应当自公告之日起三个月内向本院申报其具体地址及联系方式，否则，本院将依法宣告其失踪。凡知悉下落不明人生存现状的人，应当在公告期间内将其所知道情况向本院报告。特此公告。
本院受理申请人关于宣告失踪一案，经查：申请人之亲属于下落不明已满二年，现发出寻找下落不明人公告。下落不明人应当自公告之日起三个月内向本院申报其具体地址及联系方式，否则，本院将依法宣告其失踪。凡知悉下落不明人生存现状的人，应当在公告期间内将其所知道情况向本院报告。特此公告。
本院受理申请人关于宣告失踪一案，经查：申请人之亲属于下落不明已满二年，现发出寻找下落不明人公告。下落不明人应当自公告之日起三个月内向本院申报其具体地址及联系方式，否则，本院将依法宣告其失踪。凡知悉下落不明人生存现状的人，应当在公告期间内将其所知道情况向本院报告。特此公告。
公告专栏
遗失声明
本院受理申请人关于宣告失踪一案，经查：申请人之亲属于下落不明已满二年，现发出寻找下落不明人公告。下落不明人应当自公告之日起三个月内向本院申报其具体地址及联系方式，否则，本院将依法宣告其失踪。凡知悉下落不明人生存现状的人，应当在公告期间内将其所知道情况向本院报告。特此公告。
本院受理申请人关于宣告失踪一案，经查：申请人之亲属于下落不明已满二年，现发出寻找下落不明人公告。下落不明人应当自公告之日起三个月内向本院申报其具体地址及联系方式，否则，本院将依法宣告其失踪。凡知悉下落不明人生存现状的人，应当在公告期间内将其所知道情况向本院报告。特此公告。
本院受理申请人关于宣告失踪一案，经查：申请人之亲属于下落不明已满二年，现发出寻找下落不明人公告。下落不明人应当自公告之日起三个月内向本院申报其具体地址及联系方式，否则，本院将依法宣告其失踪。凡知悉下落不明人生存现状的人，应当在公告期间内将其所知道情况向本院报告。特此公告。
本院受理申请人关于宣告失踪一案，经查：申请人之亲属于下落不明已满二年，现发出寻找下落不明人公告。下落不明人应当自公告之日起三个月内向本院申报其具体地址及联系方式，否则，本院将依法宣告其失踪。凡知悉下落不明人生存现状的人，应当在公告期间内将其所知道情况向本院报告。特此公告。
本院受理申请人关于宣告失踪一案，经查：申请人之亲属于下落不明已满二年，现发出寻找下落不明人公告。下落不明人应当自公告之日起三个月内向本院申报其具体地址及联系方式，否则，本院将依法宣告其失踪。凡知悉下落不明人生存现状的人，应当在公告期间内将其所知道情况向本院报告。特此公告。
本院受理申请人关于宣告失踪一案，经查：申请人之亲属于下落不明已满二年，现发出寻找下落不明人公告。下落不明人应当自公告之日起三个月内向本院申报其具体地址及联系方式，否则，本院将依法宣告其失踪。凡知悉下落不明人生存现状的人，应当在公告期间内将其所知道情况向本院报告。特此公告。
本院受理申请人关于宣告失踪一案，经查：申请人之亲属于下落不明已满二年，现发出寻找下落不明人公告。下落不明人应当自公告之日起三个月内向本院申报其具体地址及联系方式，否则，本院将依法宣告其失踪。凡知悉下落不明人生存现状的人，应当在公告期间内将其所知道情况向本院报告。特此公告。
本院受理申请人关于宣告失踪一案，经查：申请人之亲属于下落不明已满二年，现发出寻找下落不明人公告。下落不明人应当自公告之日起三个月内向本院申报其具体地址及联系方式，否则，本院将依法宣告其失踪。凡知悉下落不明人生存现状的人，应当在公告期间内将其所知道情况向本院报告。特此公告。
本院受理申请人关于宣告失踪一案，经查：申请人之亲属于下落不明已满二年，现发出寻找下落不明人公告。下落不明人应当自公告之日起三个月内向本院申报其具体地址及联系方式，否则，本院将依法宣告其失踪。凡知悉下落不明人生存现状的人，应当在公告期间内将其所知道情况向本院报告。特此公告。
本院受理申请人关于宣告失踪一案，经查：申请人之亲属于下落不明已满二年，现发出寻找下落不明人公告。下落不明人应当自公告之日起三个月内向本院申报其具体地址及联系方式，否则，本院将依法宣告其失踪。凡知悉下落不明人生存现状的人，应当在公告期间内将其所知道情况向本院报告。特此公告。
本院受理申请人关于宣告失踪一案，经查：申请人之亲属于下落不明已满二年，现发出寻找下落不明人公告。下落不明人应当自公告之日起三个月内向本院申报其具体地址及联系方式，否则，本院将依法宣告其失踪。凡知悉下落不明人生存现状的人，应当在公告期间内将其所知道情况向本院报告。特此公告。
本院受理申请人关于宣告失踪一案，经查：申请人之亲属于下落不明已满二年，现发出寻找下落不明人公告。下落不明人应当自公告之日起三个月内向本院申报其具体地址及联系方式，否则，本院将依法宣告其失踪。凡知悉下落不明人生存现状的人，应当在公告期间内将其所知道情况向本院报告。特此公告。
本院受理申请人关于宣告失踪一案，经查：申请人之亲属于下落不明已满二年，现发出寻找下落不明人公告。下落不明人应当自公告之日起三个月内向本院申报其具体地址及联系方式，否则，本院将依法宣告其失踪。凡知悉下落不明人生存现状的人，应当在公告期间内将其所知道情况向本院报告。特此公告。
本院受理申请人关于宣告失踪一案，经查：申请人之亲属于下落不明已满二年，现发出寻找下落不明人公告。下落不明人应当自公告之日起三个月内向本院申报其具体地址及联系方式，否则，本院将依法宣告其失踪。凡知悉下落不明人生存现状的人，应当在公告期间内将其所知道情况向本院报告。特此公告。
本院受理申请人关于宣告失踪一案，经查：申请人之亲属于下落不明已满二年，现发出寻找下落不明人公告。下落不明人应当自公告之日起三个月内向本院申报其具体地址及联系方式，否则，本院将依法宣告其失踪。凡知悉下落不明人生存现状的人，应当在公告期间内将其所知道情况向本院报告。特此公告。
本院受理申请人关于宣告失踪一案，经查：申请人之亲属于下落不明已满二年，现发出寻找下落不明人公告。下落不明人应当自公告之日起三个月内向本院申报其具体地址及联系方式，否则，本院将依法宣告其失踪。凡知悉下落不明人生存现状的人，应当在公告期间内将其所知道情况向本院报告。特此公告。
本院受理申请人关于宣告失踪一案，经查：申请人之亲属于下落不明已满二年，现发出寻找下落不明人公告。下落不明人应当自公告之日起三个月内向本院申报其具体地址及联系方式，否则，本院将依法宣告其失踪。凡知悉下落不明人生存现状的人，应当在公告期间内将其所知道情况向本院报告。特此公告。
本院受理申请人关于宣告失踪一案，经查：申请人之亲属于下落不明已满二年，现发出寻找下落不明人公告。下落不明人应当自公告之日起三个月内向本院申报其具体地址及联系方式，否则，本院将依法宣告其失踪。凡知悉下落不明人生存现状的人，应当在公告期间内将其所知道情况向本院报告。特此公告。
本院受理申请人关于宣告失踪一案，经查：申请人之亲属于下落不明已满二年，现发出寻找下落不明人公告。下落不明人应当自公告之日起三个月内向本院申报其具体地址及联系方式，否则，本院将依法宣告其失踪。凡知悉下落不明人生存现状的人，应当在公告期间内将其所知道情况向本院报告。特此公告。
本院受理申请人关于宣告失踪一案，经查：申请人之亲属于下落不明已满二年，现发出寻找下落不明人公告。下落不明人应当自公告之日起三个月内向本院申报其具体地址及联系方式，否则，本院将依法宣告其失踪。凡知悉下落不明人生存现状的人，应当在公告期间内将其所知道情况向本院报告。特此公告。
本院受理申请人关于宣告失踪一案，经查：申请人之亲属于下落不明已满二年，现发出寻找下落不明人公告。下落不明人应当自公告之日起三个月内向本院申报其具体地址及联系方式，否则，本院将依法宣告其失踪。凡知悉下落不明人生存现状的人，应当在公告期间内将其所知道情况向本院报告。特此公告。
本院受理申请人关于宣告失踪一案，经查：申请人之亲属于下落不明已满二年，现发出寻找下落不明人公告。下落不明人应当自公告之日起三个月内向本院申报其具体地址及联系方式，否则，本院将依法宣告其失踪。凡知悉下落不明人生存现状的人，应当在公告期间内将其所知道情况向本院报告。特此公告。
本院受理申请人关于宣告失踪一案，经查：申请人之亲属于下落不明已满二年，现发出寻找下落不明人公告。下落不明人应当自公告之日起三个月内向本院申报其具体地址及联系方式，否则，本院将依法宣告其失踪。凡知悉下落不明人生存现状的人，应当在公告期间内将其所知道情况向本院报告。特此公告。
本院受理申请人关于宣告失踪一案，经查：申请人之亲属于下落不明已满二年，现发出寻找下落不明人公告。下落不明人应当自公告之日起三个月内向本院申报其具体地址及联系方式，否则，本院将依法宣告其失踪。凡知悉下落不明人生存现状的人，应当在公告期间内将其所知道情况向本院报告。特此公告。
领取遗体通知书
本院受理申请人关于宣告失踪一案，经查：申请人之亲属于下落不明已满二年，现发出寻找下落不明人公告。下落不明人应当自公告之日起三个月内向本院申报其具体地址及联系方式，否则，本院将依法宣告其失踪。凡知悉下落不明人生存现状的人，应当在公告期间内将其所知道情况向本院报告。特此公告。
本院受理申请人关于宣告失踪一案，经查：申请人之亲属于下落不明已满二年，现发出寻找下落不明人公告。下落不明人应当自公告之日起三个月内向本院申报其具体地址及联系方式，否则，本院将依法宣告其失踪。凡知悉下落不明人生存现状的人，应当在公告期间内将其所知道情况向本院报告。特此公告。
公告
本院受理申请人关于宣告失踪一案，经查：申请人之亲属于下落不明已满二年，现发出寻找下落不明人公告。下落不明人应当自公告之日起三个月内向本院申报其具体地址及联系方式，否则，本院将依法宣告其失踪。凡知悉下落不明人生存现状的人，应当在公告期间内将其所知道情况向本院报告。特此公告。
本院受理申请人关于宣告失踪一案，经查：申请人之亲属于下落不明已满二年，现发出寻找下落不明人公告。下落不明人应当自公告之日起三个月内向本院申报其具体地址及联系方式，否则，本院将依法宣告其失踪。凡知悉下落不明人生存现状的人，应当在公告期间内将其所知道情况向本院报告。特此公告。
重庆市万州区甘宁镇柳林村村民委员会
本院受理申请人关于宣告失踪一案，经查：申请人之亲属于下落不明已满二年，现发出寻找下落不明人公告。下落不明人应当自公告之日起三个月内向本院申报其具体地址及联系方式，否则，本院将依法宣告其失踪。凡知悉下落不明人生存现状的人，应当在公告期间内将其所知道情况向本院报告。特此公告。
